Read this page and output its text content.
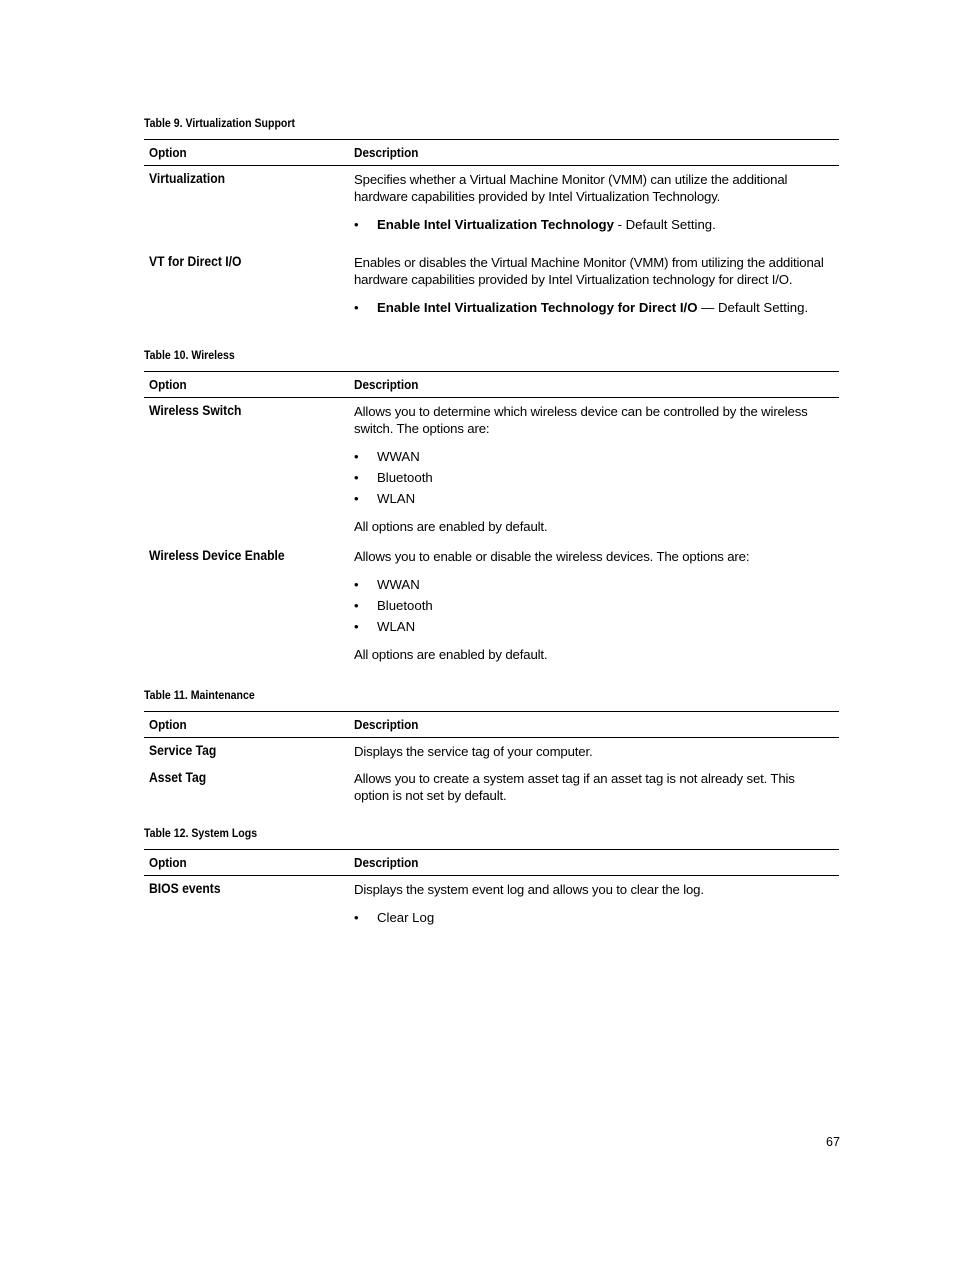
Table 9. Virtualization Support
Option	Description
Virtualization	Specifies whether a Virtual Machine Monitor (VMM) can utilize the additional hardware capabilities provided by Intel Virtualization Technology.

• Enable Intel Virtualization Technology - Default Setting.
VT for Direct I/O	Enables or disables the Virtual Machine Monitor (VMM) from utilizing the additional hardware capabilities provided by Intel Virtualization technology for direct I/O.

• Enable Intel Virtualization Technology for Direct I/O — Default Setting.
Table 10. Wireless
Option	Description
Wireless Switch	Allows you to determine which wireless device can be controlled by the wireless switch. The options are:

• WWAN
• Bluetooth
• WLAN

All options are enabled by default.

Wireless Device Enable	Allows you to enable or disable the wireless devices. The options are:

• WWAN
• Bluetooth
• WLAN

All options are enabled by default.

Table 11. Maintenance
Option	Description
Service Tag	Displays the service tag of your computer.

Asset Tag	Allows you to create a system asset tag if an asset tag is not already set. This option is not set by default.

Table 12. System Logs
Option	Description
BIOS events	Displays the system event log and allows you to clear the log.

• Clear Log
67
